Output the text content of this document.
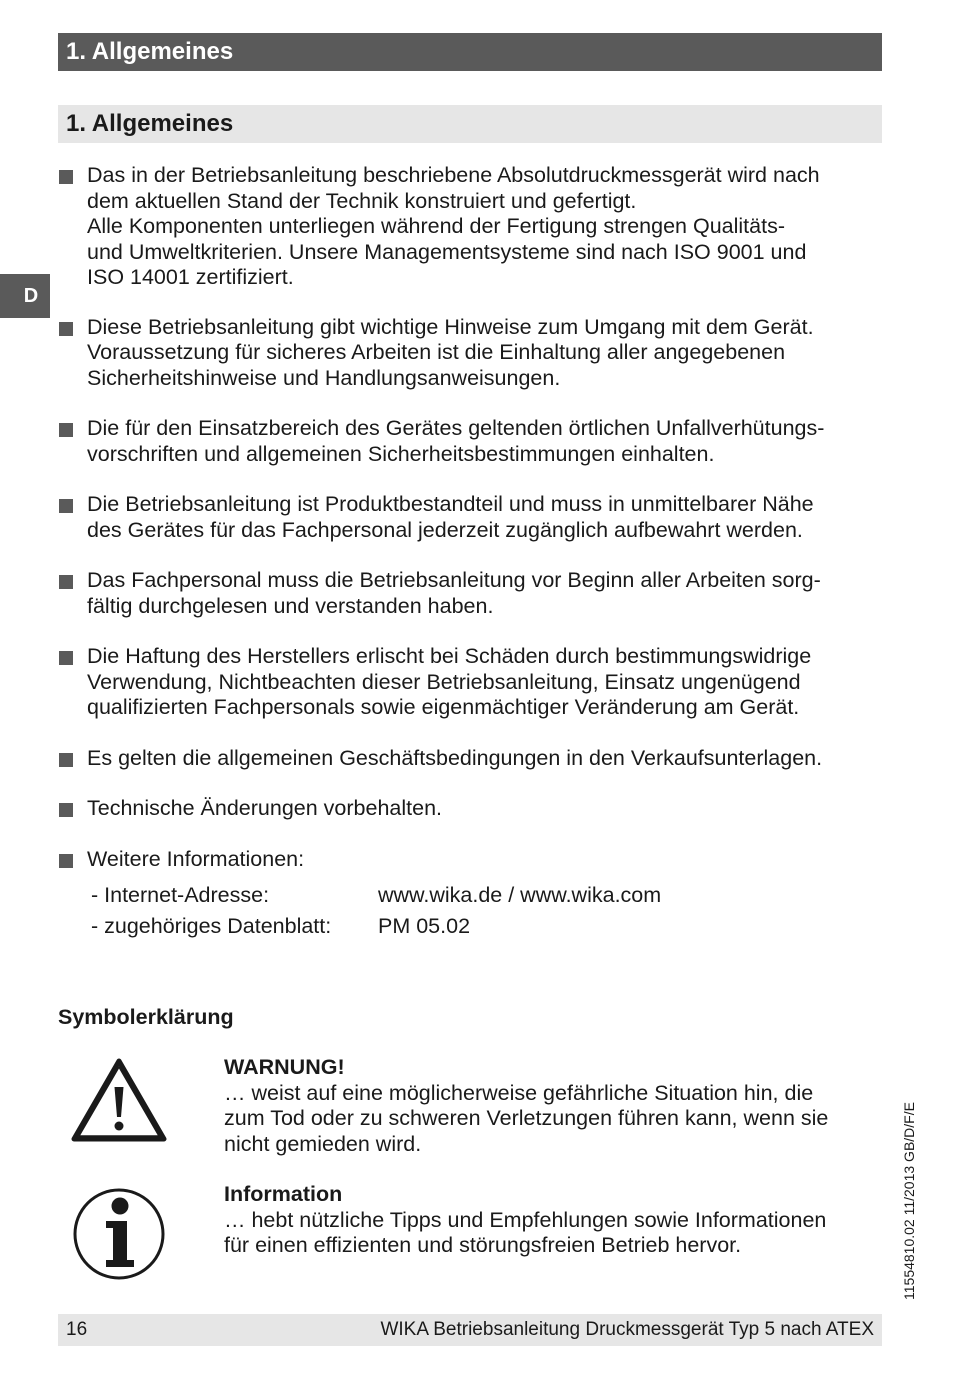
1. Allgemeines
1. Allgemeines
D
Das in der Betriebsanleitung beschriebene Absolutdruckmessgerät wird nach
dem aktuellen Stand der Technik konstruiert und gefertigt.
Alle Komponenten unterliegen während der Fertigung strengen Qualitäts-
und Umweltkriterien. Unsere Managementsysteme sind nach ISO 9001 und
ISO 14001 zertifiziert.
Diese Betriebsanleitung gibt wichtige Hinweise zum Umgang mit dem Gerät.
Voraussetzung für sicheres Arbeiten ist die Einhaltung aller angegebenen
Sicherheitshinweise und Handlungsanweisungen.
Die für den Einsatzbereich des Gerätes geltenden örtlichen Unfallverhütungs-
vorschriften und allgemeinen Sicherheitsbestimmungen einhalten.
Die Betriebsanleitung ist Produktbestandteil und muss in unmittelbarer Nähe
des Gerätes für das Fachpersonal jederzeit zugänglich aufbewahrt werden.
Das Fachpersonal muss die Betriebsanleitung vor Beginn aller Arbeiten sorg-
fältig durchgelesen und verstanden haben.
Die Haftung des Herstellers erlischt bei Schäden durch bestimmungswidrige
Verwendung, Nichtbeachten dieser Betriebsanleitung, Einsatz ungenügend
qualifizierten Fachpersonals sowie eigenmächtiger Veränderung am Gerät.
Es gelten die allgemeinen Geschäftsbedingungen in den Verkaufsunterlagen.
Technische Änderungen vorbehalten.
Weitere Informationen:
- Internet-Adresse:	www.wika.de / www.wika.com
- zugehöriges Datenblatt:	PM 05.02
Symbolerklärung
WARNUNG!
… weist auf eine möglicherweise gefährliche Situation hin, die
zum Tod oder zu schweren Verletzungen führen kann, wenn sie
nicht gemieden wird.
Information
… hebt nützliche Tipps und Empfehlungen sowie Informationen
für einen effizienten und störungsfreien Betrieb hervor.	11554810.02 11/2013 GB/D/F/E
16	WIKA Betriebsanleitung Druckmessgerät Typ 5 nach ATEX
